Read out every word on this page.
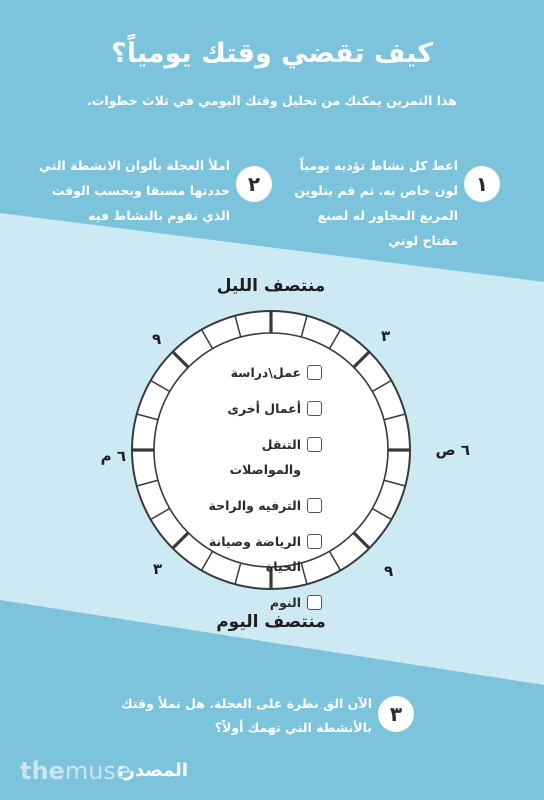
كيف تقضي وقتك يومياً؟
هذا التمرين يمكنك من تحليل وقتك اليومي في ثلاث خطوات.
١
اعط كل نشاط تؤديه يومياً لون خاص به. ثم قم بتلوين المربع المجاور له لصنع مفتاح لوني
٢
املأ العجلة بألوان الانشطة التي حددتها مسبقا وبحسب الوقت الذي تقوم بالنشاط فيه
منتصف الليل
منتصف اليوم
٦ ص
٦ م
٣
٩
٩
٣
عمل\دراسة
أعمال أخرى
التنقل والمواصلات
الترفيه والراحة
الرياضة وصيانة الحياة
النوم
٣
الآن الق نظرة على العجلة. هل تملأ وقتك بالأنشطة التي تهمك أولاً؟
themuse
المصدر:
